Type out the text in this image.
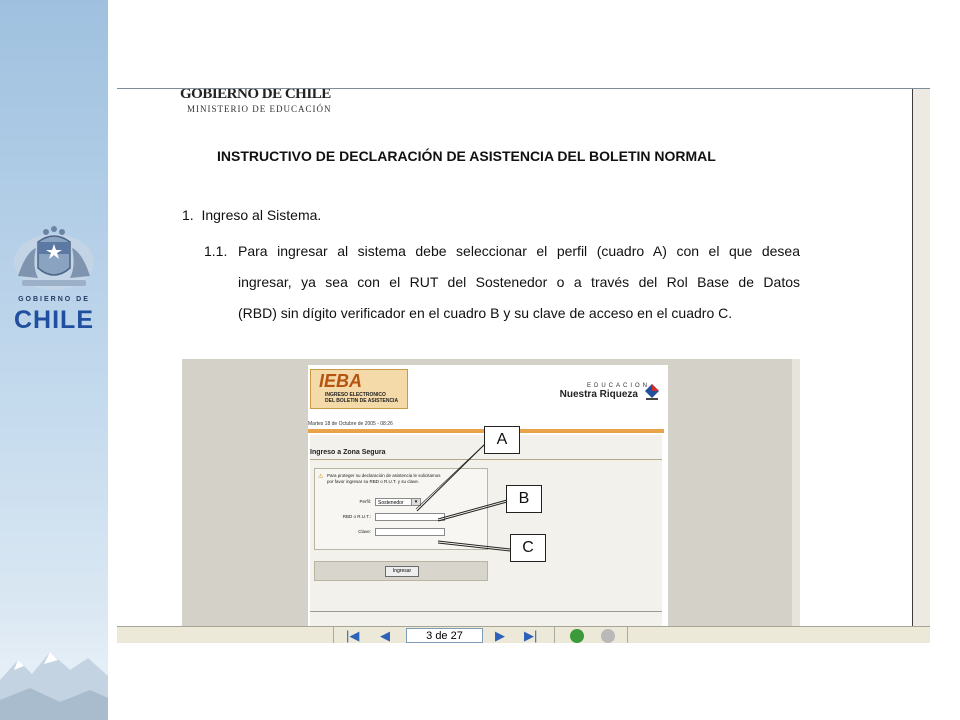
GOBIERNO DE
CHILE
GOBIERNO DE CHILE
MINISTERIO DE EDUCACIÓN
INSTRUCTIVO DE DECLARACIÓN DE ASISTENCIA DEL BOLETIN NORMAL
1. Ingreso al Sistema.
1.1. Para ingresar al sistema debe seleccionar el perfil (cuadro A) con el que desea
ingresar, ya sea con el RUT del Sostenedor o a través del Rol Base de Datos
(RBD) sin dígito verificador en el cuadro B y su clave de acceso en el cuadro C.
IEBA
INGRESO ELECTRONICO
DEL BOLETIN DE ASISTENCIA
EDUCACION
Nuestra Riqueza
Martes 18 de Octubre de 2005 - 08:26
Ingreso a Zona Segura
⚠ Para proteger su declaración de asistencia le solicitamos
por favor ingresar su RBD o R.U.T. y su clave.
Perfil:	Sostenedor	▾
RBD o R.U.T.:
Clave:
Ingresar
A
B
C
|◀ ◀	3 de 27	▶ ▶|
